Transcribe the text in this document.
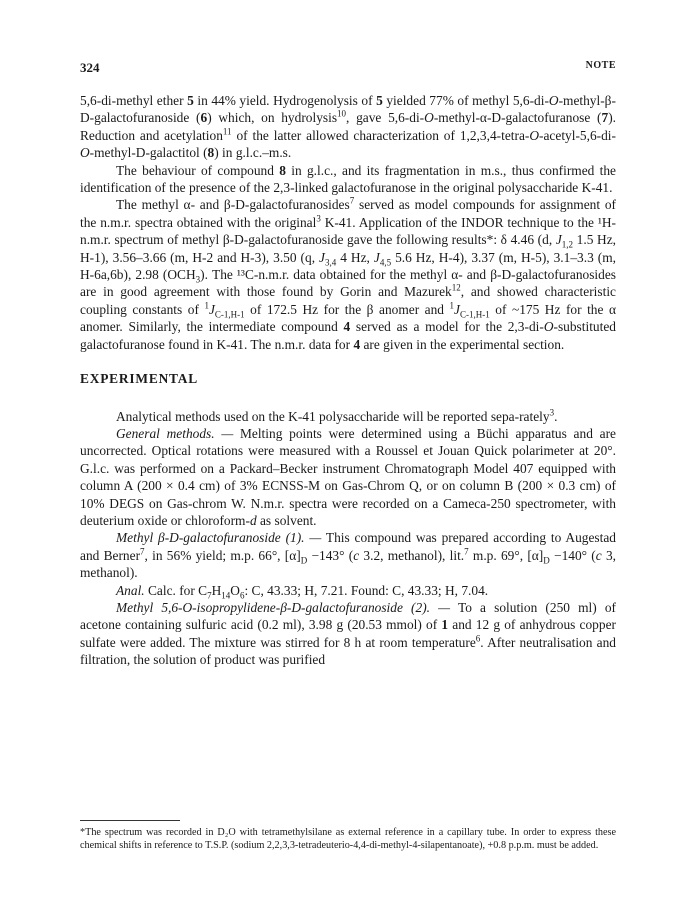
324	NOTE

5,6-di-methyl ether 5 in 44% yield. Hydrogenolysis of 5 yielded 77% of methyl 5,6-di-O-methyl-β-D-galactofuranoside (6) which, on hydrolysis$^{10}$, gave 5,6-di-O-methyl-α-D-galactofuranose (7). Reduction and acetylation$^{11}$ of the latter allowed characterization of 1,2,3,4-tetra-O-acetyl-5,6-di-O-methyl-D-galactitol (8) in g.l.c.–m.s.

The behaviour of compound 8 in g.l.c., and its fragmentation in m.s., thus confirmed the identification of the presence of the 2,3-linked galactofuranose in the original polysaccharide K-41.

The methyl α- and β-D-galactofuranosides$^7$ served as model compounds for assignment of the n.m.r. spectra obtained with the original$^3$ K-41. Application of the INDOR technique to the ¹H-n.m.r. spectrum of methyl β-D-galactofuranoside gave the following results*: δ 4.46 (d, $J_{1,2}$ 1.5 Hz, H-1), 3.56–3.66 (m, H-2 and H-3), 3.50 (q, $J_{3,4}$ 4 Hz, $J_{4,5}$ 5.6 Hz, H-4), 3.37 (m, H-5), 3.1–3.3 (m, H-6a,6b), 2.98 $(OCH_3)$. The ¹³C-n.m.r. data obtained for the methyl α- and β-D-galactofuranosides are in good agreement with those found by Gorin and Mazurek$^{12}$, and showed characteristic coupling constants of $^1J_{C-1,H-1}$ of 172.5 Hz for the β anomer and $^1J_{C-1,H-1}$ of ~175 Hz for the α anomer. Similarly, the intermediate compound 4 served as a model for the 2,3-di-O-substituted galactofuranose found in K-41. The n.m.r. data for 4 are given in the experimental section.

EXPERIMENTAL

Analytical methods used on the K-41 polysaccharide will be reported sepa-rately$^3$.

General methods. — Melting points were determined using a Büchi apparatus and are uncorrected. Optical rotations were measured with a Roussel et Jouan Quick polarimeter at 20°. G.l.c. was performed on a Packard–Becker instrument Chromatograph Model 407 equipped with column A (200 × 0.4 cm) of 3% ECNSS-M on Gas-Chrom Q, or on column B (200 × 0.3 cm) of 10% DEGS on Gas-chrom W. N.m.r. spectra were recorded on a Cameca-250 spectrometer, with deuterium oxide or chloroform-d as solvent.

Methyl β-D-galactofuranoside (1). — This compound was prepared according to Augestad and Berner$^7$, in 56% yield; m.p. 66°, $[\alpha]_D -143^\circ$ (c 3.2, methanol), lit.$^7$ m.p. 69°, $[\alpha]_D -140^\circ$ (c 3, methanol).

Anal. Calc. for $C_7H_{14}O_6$: C, 43.33; H, 7.21. Found: C, 43.33; H, 7.04.

Methyl 5,6-O-isopropylidene-β-D-galactofuranoside (2). — To a solution (250 ml) of acetone containing sulfuric acid (0.2 ml), 3.98 g (20.53 mmol) of 1 and 12 g of anhydrous copper sulfate were added. The mixture was stirred for 8 h at room temperature$^6$. After neutralisation and filtration, the solution of product was purified

*The spectrum was recorded in D₂O with tetramethylsilane as external reference in a capillary tube. In order to express these chemical shifts in reference to T.S.P. (sodium 2,2,3,3-tetradeuterio-4,4-di-methyl-4-silapentanoate), +0.8 p.p.m. must be added.
